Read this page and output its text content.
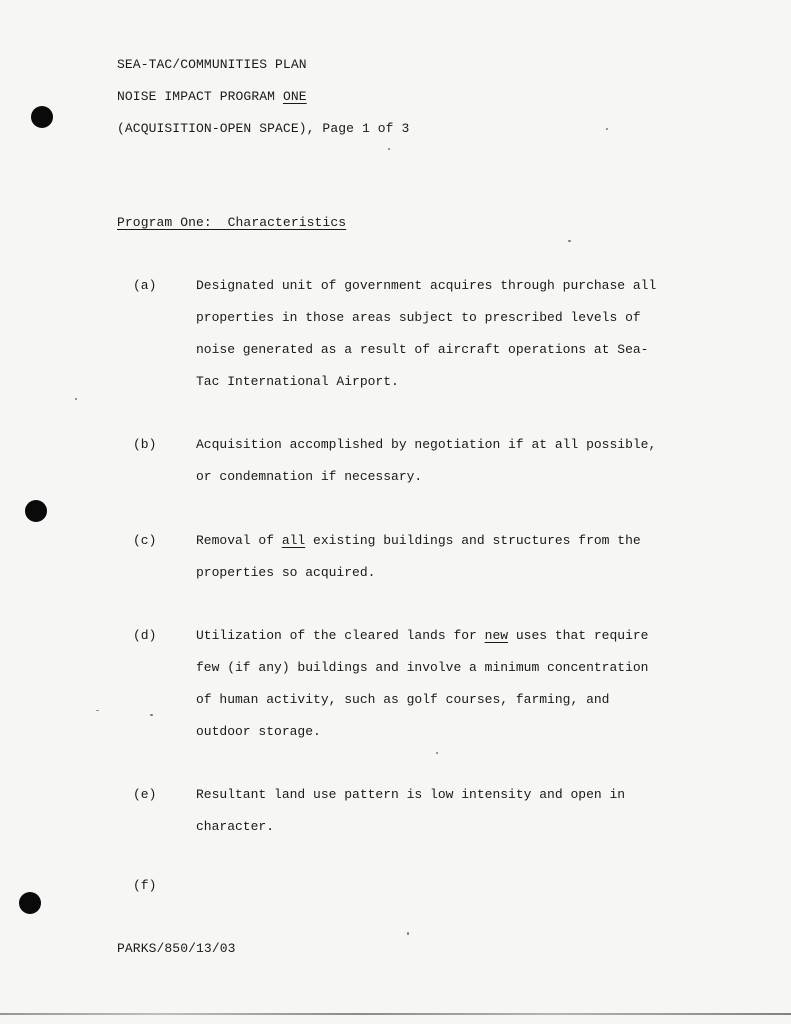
SEA-TAC/COMMUNITIES PLAN
NOISE IMPACT PROGRAM ONE
(ACQUISITION-OPEN SPACE), Page 1 of 3
Program One:  Characteristics
(a)	Designated unit of government acquires through purchase all
properties in those areas subject to prescribed levels of
noise generated as a result of aircraft operations at Sea-
Tac International Airport.
(b)	Acquisition accomplished by negotiation if at all possible,
or condemnation if necessary.
(c)	Removal of all existing buildings and structures from the
properties so acquired.
(d)	Utilization of the cleared lands for new uses that require
few (if any) buildings and involve a minimum concentration
of human activity, such as golf courses, farming, and
outdoor storage.
(e)	Resultant land use pattern is low intensity and open in
character.
(f)
PARKS/850/13/03
